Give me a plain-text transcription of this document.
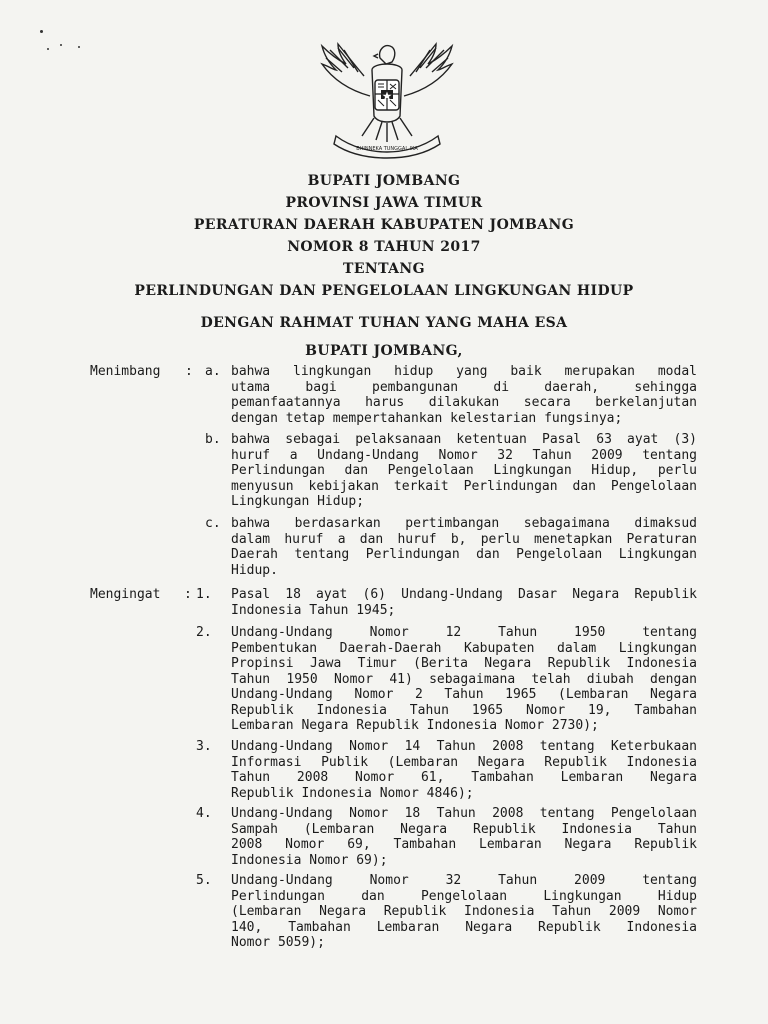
BHINNEKA TUNGGAL IKA
BUPATI JOMBANG
PROVINSI JAWA TIMUR
PERATURAN DAERAH KABUPATEN JOMBANG
NOMOR 8 TAHUN 2017
TENTANG
PERLINDUNGAN DAN PENGELOLAAN LINGKUNGAN HIDUP
DENGAN RAHMAT TUHAN YANG MAHA ESA
BUPATI JOMBANG,
Menimbang : a. bahwa lingkungan hidup yang baik merupakan modal
utama bagi pembangunan di daerah, sehingga
pemanfaatannya harus dilakukan secara berkelanjutan
dengan tetap mempertahankan kelestarian fungsinya;
b. bahwa sebagai pelaksanaan ketentuan Pasal 63 ayat (3)
huruf a Undang-Undang Nomor 32 Tahun 2009 tentang
Perlindungan dan Pengelolaan Lingkungan Hidup, perlu
menyusun kebijakan terkait Perlindungan dan Pengelolaan
Lingkungan Hidup;
c. bahwa berdasarkan pertimbangan sebagaimana dimaksud
dalam huruf a dan huruf b, perlu menetapkan Peraturan
Daerah tentang Perlindungan dan Pengelolaan Lingkungan
Hidup.
Mengingat : 1. Pasal 18 ayat (6) Undang-Undang Dasar Negara Republik
Indonesia Tahun 1945;
2. Undang-Undang Nomor 12 Tahun 1950 tentang
Pembentukan Daerah-Daerah Kabupaten dalam Lingkungan
Propinsi Jawa Timur (Berita Negara Republik Indonesia
Tahun 1950 Nomor 41) sebagaimana telah diubah dengan
Undang-Undang Nomor 2 Tahun 1965 (Lembaran Negara
Republik Indonesia Tahun 1965 Nomor 19, Tambahan
Lembaran Negara Republik Indonesia Nomor 2730);
3. Undang-Undang Nomor 14 Tahun 2008 tentang Keterbukaan
Informasi Publik (Lembaran Negara Republik Indonesia
Tahun 2008 Nomor 61, Tambahan Lembaran Negara
Republik Indonesia Nomor 4846);
4. Undang-Undang Nomor 18 Tahun 2008 tentang Pengelolaan
Sampah (Lembaran Negara Republik Indonesia Tahun
2008 Nomor 69, Tambahan Lembaran Negara Republik
Indonesia Nomor 69);
5. Undang-Undang Nomor 32 Tahun 2009 tentang
Perlindungan dan Pengelolaan Lingkungan Hidup
(Lembaran Negara Republik Indonesia Tahun 2009 Nomor
140, Tambahan Lembaran Negara Republik Indonesia
Nomor 5059);
